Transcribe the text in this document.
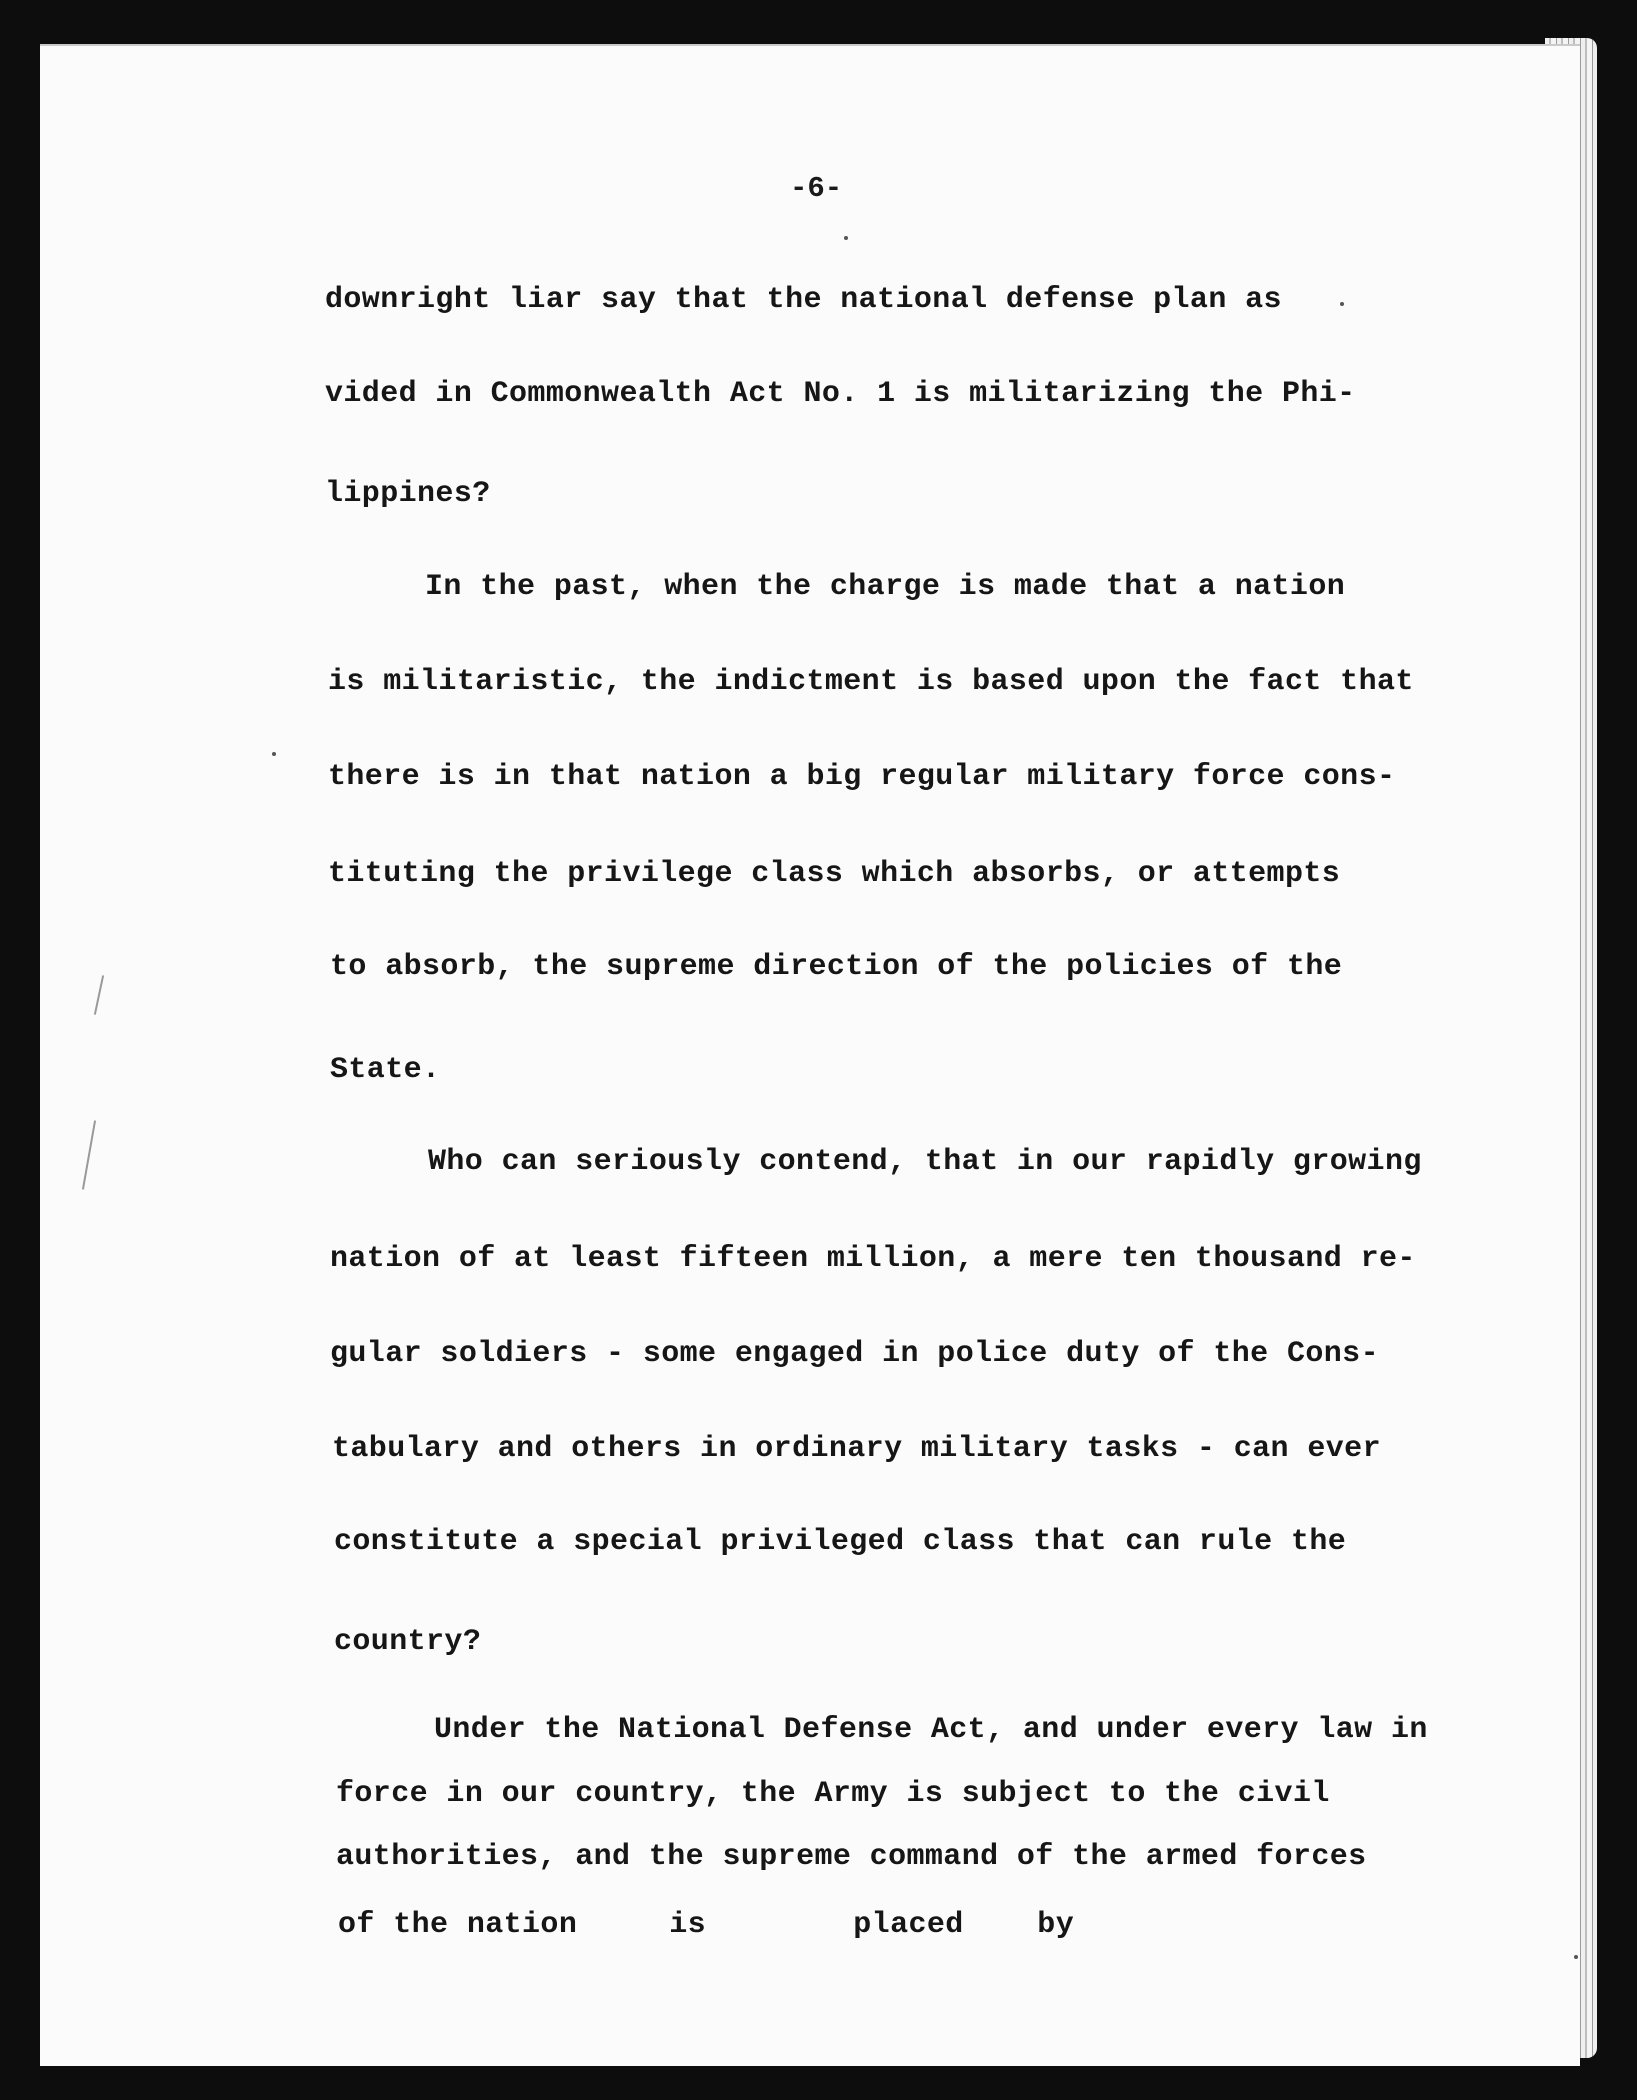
-6-
downright liar say that the national defense plan as
vided in Commonwealth Act No. 1 is militarizing the Phi-
lippines?
In the past, when the charge is made that a nation
is militaristic, the indictment is based upon the fact that
there is in that nation a big regular military force cons-
tituting the privilege class which absorbs, or attempts
to absorb, the supreme direction of the policies of the
State.
Who can seriously contend, that in our rapidly growing
nation of at least fifteen million, a mere ten thousand re-
gular soldiers - some engaged in police duty of the Cons-
tabulary and others in ordinary military tasks - can ever
constitute a special privileged class that can rule the
country?
Under the National Defense Act, and under every law in
force in our country, the Army is subject to the civil
authorities, and the supreme command of the armed forces
of the nation     is        placed    by
